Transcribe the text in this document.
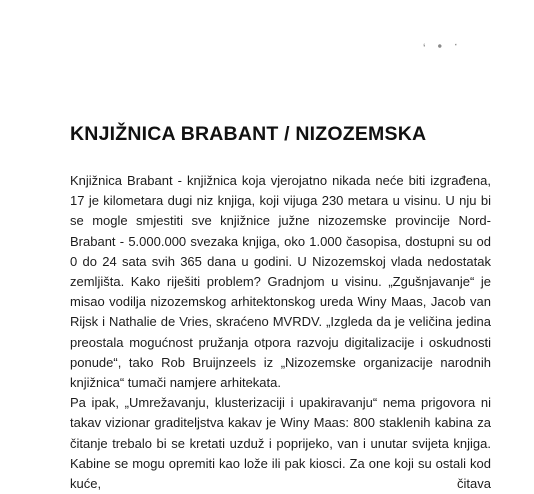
‘ • ·
KNJIŽNICA BRABANT / NIZOZEMSKA

Knjižnica Brabant - knjižnica koja vjerojatno nikada neće biti izgrađena, 17 je kilometara dugi niz knjiga, koji vijuga 230 metara u visinu. U nju bi se mogle smjestiti sve knjižnice južne nizozemske provincije Nord-Brabant - 5.000.000 svezaka knjiga, oko 1.000 časopisa, dostupni su od 0 do 24 sata svih 365 dana u godini. U Nizozemskoj vlada nedostatak zemljišta. Kako riješiti problem? Gradnjom u visinu. „Zgušnjavanje“ je misao vodilja nizozemskog arhitektonskog ureda Winy Maas, Jacob van Rijsk i Nathalie de Vries, skraćeno MVRDV. „Izgleda da je veličina jedina preostala mogućnost pružanja otpora razvoju digitalizacije i oskudnosti ponude“, tako Rob Bruijnzeels iz „Nizozemske organizacije narodnih knjižnica“ tumači namjere arhitekata.

Pa ipak, „Umrežavanju, klusterizaciji i upakiravanju“ nema prigovora ni takav vizionar graditeljstva kakav je Winy Maas: 800 staklenih kabina za čitanje trebalo bi se kretati uzduž i poprijeko, van i unutar svijeta knjiga. Kabine se mogu opremiti kao lože ili pak kiosci. Za one koji su ostali kod kuće, čitava
